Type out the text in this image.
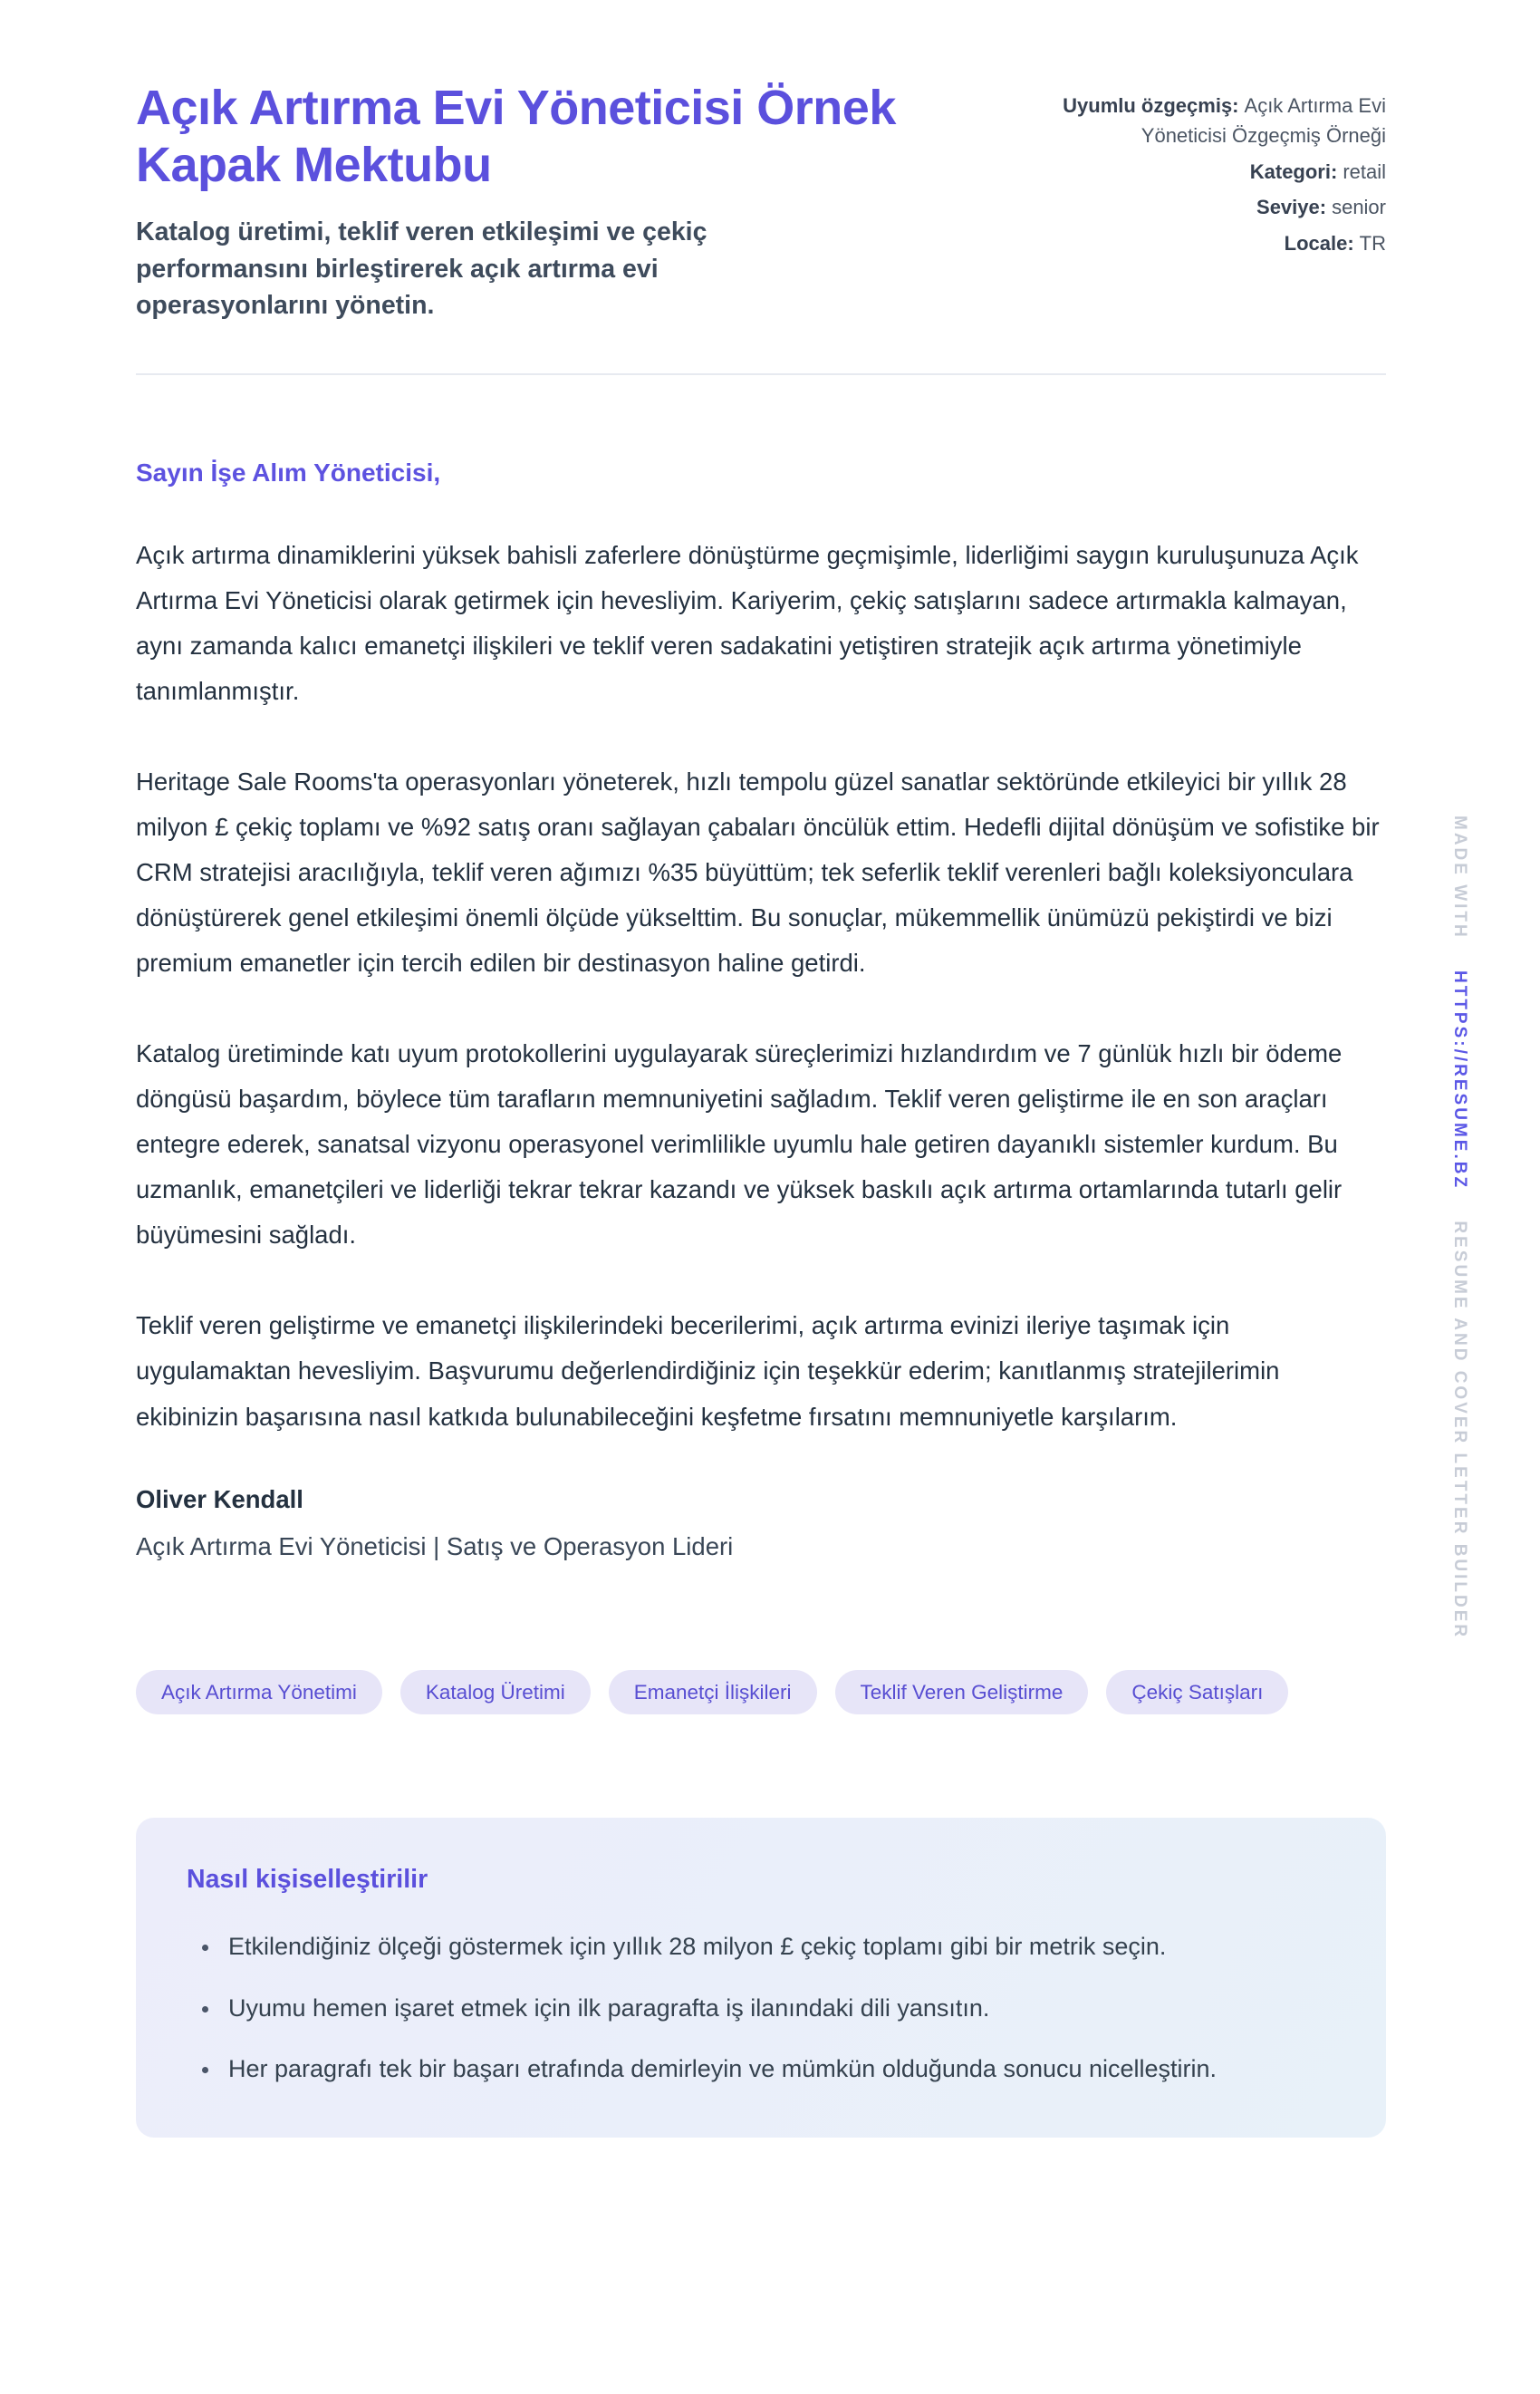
Açık Artırma Evi Yöneticisi Örnek Kapak Mektubu
Katalog üretimi, teklif veren etkileşimi ve çekiç performansını birleştirerek açık artırma evi operasyonlarını yönetin.
Uyumlu özgeçmiş: Açık Artırma Evi Yöneticisi Özgeçmiş Örneği
Kategori: retail
Seviye: senior
Locale: TR
Sayın İşe Alım Yöneticisi,

Açık artırma dinamiklerini yüksek bahisli zaferlere dönüştürme geçmişimle, liderliğimi saygın kuruluşunuza Açık Artırma Evi Yöneticisi olarak getirmek için hevesliyim. Kariyerim, çekiç satışlarını sadece artırmakla kalmayan, aynı zamanda kalıcı emanetçi ilişkileri ve teklif veren sadakatini yetiştiren stratejik açık artırma yönetimiyle tanımlanmıştır.

Heritage Sale Rooms'ta operasyonları yöneterek, hızlı tempolu güzel sanatlar sektöründe etkileyici bir yıllık 28 milyon £ çekiç toplamı ve %92 satış oranı sağlayan çabaları öncülük ettim. Hedefli dijital dönüşüm ve sofistike bir CRM stratejisi aracılığıyla, teklif veren ağımızı %35 büyüttüm; tek seferlik teklif verenleri bağlı koleksiyonculara dönüştürerek genel etkileşimi önemli ölçüde yükselttim. Bu sonuçlar, mükemmellik ünümüzü pekiştirdi ve bizi premium emanetler için tercih edilen bir destinasyon haline getirdi.

Katalog üretiminde katı uyum protokollerini uygulayarak süreçlerimizi hızlandırdım ve 7 günlük hızlı bir ödeme döngüsü başardım, böylece tüm tarafların memnuniyetini sağladım. Teklif veren geliştirme ile en son araçları entegre ederek, sanatsal vizyonu operasyonel verimlilikle uyumlu hale getiren dayanıklı sistemler kurdum. Bu uzmanlık, emanetçileri ve liderliği tekrar tekrar kazandı ve yüksek baskılı açık artırma ortamlarında tutarlı gelir büyümesini sağladı.

Teklif veren geliştirme ve emanetçi ilişkilerindeki becerilerimi, açık artırma evinizi ileriye taşımak için uygulamaktan hevesliyim. Başvurumu değerlendirdiğiniz için teşekkür ederim; kanıtlanmış stratejilerimin ekibinizin başarısına nasıl katkıda bulunabileceğini keşfetme fırsatını memnuniyetle karşılarım.

Oliver Kendall
Açık Artırma Evi Yöneticisi | Satış ve Operasyon Lideri
Açık Artırma Yönetimi	Katalog Üretimi	Emanetçi İlişkileri	Teklif Veren Geliştirme	Çekiç Satışları
Nasıl kişiselleştirilir
• Etkilendiğiniz ölçeği göstermek için yıllık 28 milyon £ çekiç toplamı gibi bir metrik seçin.
• Uyumu hemen işaret etmek için ilk paragrafta iş ilanındaki dili yansıtın.
• Her paragrafı tek bir başarı etrafında demirleyin ve mümkün olduğunda sonucu nicelleştirin.
MADE WITH HTTPS://RESUME.BZ RESUME AND COVER LETTER BUILDER
